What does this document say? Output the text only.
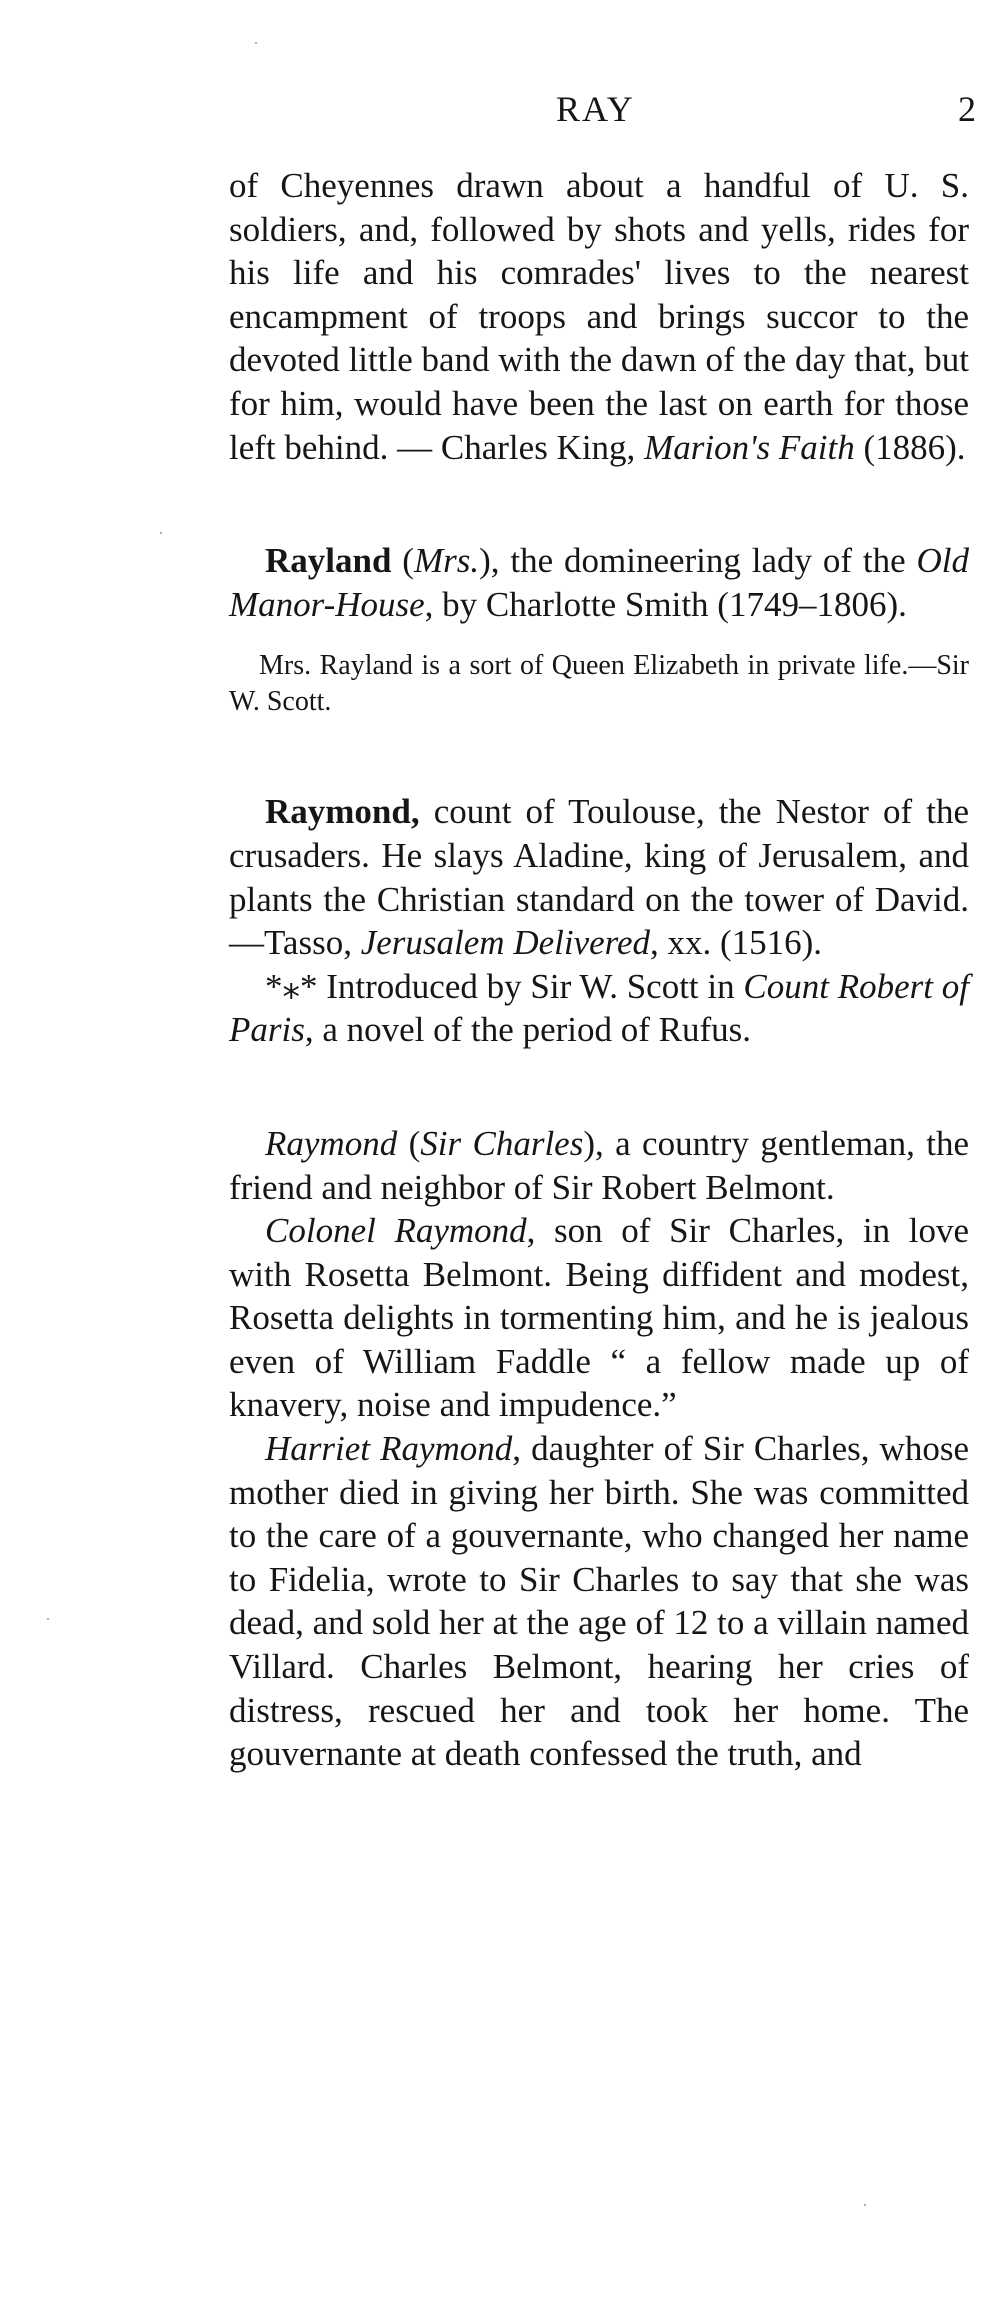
RAY	2

of Cheyennes drawn about a handful of U. S. soldiers, and, followed by shots and yells, rides for his life and his comrades' lives to the nearest encampment of troops and brings succor to the devoted little band with the dawn of the day that, but for him, would have been the last on earth for those left behind. — Charles King, Marion's Faith (1886).

Rayland (Mrs.), the domineering lady of the Old Manor-House, by Charlotte Smith (1749–1806).

Mrs. Rayland is a sort of Queen Elizabeth in private life.—Sir W. Scott.

Raymond, count of Toulouse, the Nestor of the crusaders. He slays Aladine, king of Jerusalem, and plants the Christian standard on the tower of David.—Tasso, Jerusalem Delivered, xx. (1516).

*⁎* Introduced by Sir W. Scott in Count Robert of Paris, a novel of the period of Rufus.

Raymond (Sir Charles), a country gentleman, the friend and neighbor of Sir Robert Belmont.

Colonel Raymond, son of Sir Charles, in love with Rosetta Belmont. Being diffident and modest, Rosetta delights in tormenting him, and he is jealous even of William Faddle “ a fellow made up of knavery, noise and impudence.”

Harriet Raymond, daughter of Sir Charles, whose mother died in giving her birth. She was committed to the care of a gouvernante, who changed her name to Fidelia, wrote to Sir Charles to say that she was dead, and sold her at the age of 12 to a villain named Villard. Charles Belmont, hearing her cries of distress, rescued her and took her home. The gouvernante at death confessed the truth, and
